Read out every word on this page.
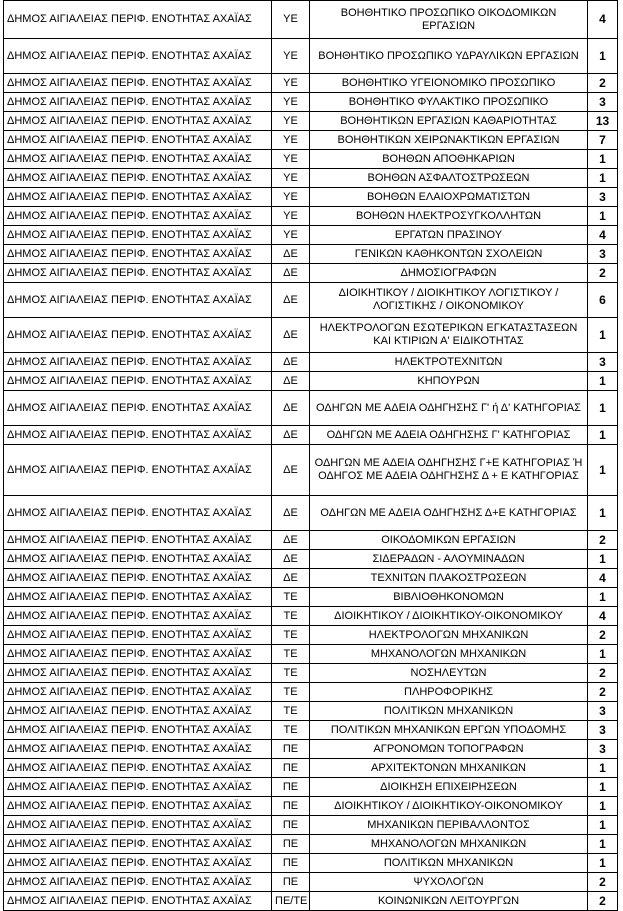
ΔΗΜΟΣ ΑΙΓΙΑΛΕΙΑΣ ΠΕΡΙΦ. ΕΝΟΤΗΤΑΣ ΑΧΑΪΑΣ	ΥΕ	ΒΟΗΘΗΤΙΚΟ ΠΡΟΣΩΠΙΚΟ ΟΙΚΟΔΟΜΙΚΩΝ ΕΡΓΑΣΙΩΝ	4
ΔΗΜΟΣ ΑΙΓΙΑΛΕΙΑΣ ΠΕΡΙΦ. ΕΝΟΤΗΤΑΣ ΑΧΑΪΑΣ	ΥΕ	ΒΟΗΘΗΤΙΚΟ ΠΡΟΣΩΠΙΚΟ ΥΔΡΑΥΛΙΚΩΝ ΕΡΓΑΣΙΩΝ	1
ΔΗΜΟΣ ΑΙΓΙΑΛΕΙΑΣ ΠΕΡΙΦ. ΕΝΟΤΗΤΑΣ ΑΧΑΪΑΣ	ΥΕ	ΒΟΗΘΗΤΙΚΟ ΥΓΕΙΟΝΟΜΙΚΟ ΠΡΟΣΩΠΙΚΟ	2
ΔΗΜΟΣ ΑΙΓΙΑΛΕΙΑΣ ΠΕΡΙΦ. ΕΝΟΤΗΤΑΣ ΑΧΑΪΑΣ	ΥΕ	ΒΟΗΘΗΤΙΚΟ ΦΥΛΑΚΤΙΚΟ ΠΡΟΣΩΠΙΚΟ	3
ΔΗΜΟΣ ΑΙΓΙΑΛΕΙΑΣ ΠΕΡΙΦ. ΕΝΟΤΗΤΑΣ ΑΧΑΪΑΣ	ΥΕ	ΒΟΗΘΗΤΙΚΩΝ ΕΡΓΑΣΙΩΝ ΚΑΘΑΡΙΟΤΗΤΑΣ	13
ΔΗΜΟΣ ΑΙΓΙΑΛΕΙΑΣ ΠΕΡΙΦ. ΕΝΟΤΗΤΑΣ ΑΧΑΪΑΣ	ΥΕ	ΒΟΗΘΗΤΙΚΩΝ ΧΕΙΡΩΝΑΚΤΙΚΩΝ ΕΡΓΑΣΙΩΝ	7
ΔΗΜΟΣ ΑΙΓΙΑΛΕΙΑΣ ΠΕΡΙΦ. ΕΝΟΤΗΤΑΣ ΑΧΑΪΑΣ	ΥΕ	ΒΟΗΘΩΝ ΑΠΟΘΗΚΑΡΙΩΝ	1
ΔΗΜΟΣ ΑΙΓΙΑΛΕΙΑΣ ΠΕΡΙΦ. ΕΝΟΤΗΤΑΣ ΑΧΑΪΑΣ	ΥΕ	ΒΟΗΘΩΝ ΑΣΦΑΛΤΟΣΤΡΩΣΕΩΝ	1
ΔΗΜΟΣ ΑΙΓΙΑΛΕΙΑΣ ΠΕΡΙΦ. ΕΝΟΤΗΤΑΣ ΑΧΑΪΑΣ	ΥΕ	ΒΟΗΘΩΝ ΕΛΑΙΟΧΡΩΜΑΤΙΣΤΩΝ	3
ΔΗΜΟΣ ΑΙΓΙΑΛΕΙΑΣ ΠΕΡΙΦ. ΕΝΟΤΗΤΑΣ ΑΧΑΪΑΣ	ΥΕ	ΒΟΗΘΩΝ ΗΛΕΚΤΡΟΣΥΓΚΟΛΛΗΤΩΝ	1
ΔΗΜΟΣ ΑΙΓΙΑΛΕΙΑΣ ΠΕΡΙΦ. ΕΝΟΤΗΤΑΣ ΑΧΑΪΑΣ	ΥΕ	ΕΡΓΑΤΩΝ ΠΡΑΣΙΝΟΥ	4
ΔΗΜΟΣ ΑΙΓΙΑΛΕΙΑΣ ΠΕΡΙΦ. ΕΝΟΤΗΤΑΣ ΑΧΑΪΑΣ	ΔΕ	ΓΕΝΙΚΩΝ ΚΑΘΗΚΟΝΤΩΝ ΣΧΟΛΕΙΩΝ	3
ΔΗΜΟΣ ΑΙΓΙΑΛΕΙΑΣ ΠΕΡΙΦ. ΕΝΟΤΗΤΑΣ ΑΧΑΪΑΣ	ΔΕ	ΔΗΜΟΣΙΟΓΡΑΦΩΝ	2
ΔΗΜΟΣ ΑΙΓΙΑΛΕΙΑΣ ΠΕΡΙΦ. ΕΝΟΤΗΤΑΣ ΑΧΑΪΑΣ	ΔΕ	ΔΙΟΙΚΗΤΙΚΟΥ / ΔΙΟΙΚΗΤΙΚΟΥ ΛΟΓΙΣΤΙΚΟΥ / ΛΟΓΙΣΤΙΚΗΣ / ΟΙΚΟΝΟΜΙΚΟΥ	6
ΔΗΜΟΣ ΑΙΓΙΑΛΕΙΑΣ ΠΕΡΙΦ. ΕΝΟΤΗΤΑΣ ΑΧΑΪΑΣ	ΔΕ	ΗΛΕΚΤΡΟΛΟΓΩΝ ΕΣΩΤΕΡΙΚΩΝ ΕΓΚΑΤΑΣΤΑΣΕΩΝ ΚΑΙ ΚΤΙΡΙΩΝ Α' ΕΙΔΙΚΟΤΗΤΑΣ	1
ΔΗΜΟΣ ΑΙΓΙΑΛΕΙΑΣ ΠΕΡΙΦ. ΕΝΟΤΗΤΑΣ ΑΧΑΪΑΣ	ΔΕ	ΗΛΕΚΤΡΟΤΕΧΝΙΤΩΝ	3
ΔΗΜΟΣ ΑΙΓΙΑΛΕΙΑΣ ΠΕΡΙΦ. ΕΝΟΤΗΤΑΣ ΑΧΑΪΑΣ	ΔΕ	ΚΗΠΟΥΡΩΝ	1
ΔΗΜΟΣ ΑΙΓΙΑΛΕΙΑΣ ΠΕΡΙΦ. ΕΝΟΤΗΤΑΣ ΑΧΑΪΑΣ	ΔΕ	ΟΔΗΓΩΝ ΜΕ ΑΔΕΙΑ ΟΔΗΓΗΣΗΣ Γ' ή Δ' ΚΑΤΗΓΟΡΙΑΣ	1
ΔΗΜΟΣ ΑΙΓΙΑΛΕΙΑΣ ΠΕΡΙΦ. ΕΝΟΤΗΤΑΣ ΑΧΑΪΑΣ	ΔΕ	ΟΔΗΓΩΝ ΜΕ ΑΔΕΙΑ ΟΔΗΓΗΣΗΣ Γ' ΚΑΤΗΓΟΡΙΑΣ	1
ΔΗΜΟΣ ΑΙΓΙΑΛΕΙΑΣ ΠΕΡΙΦ. ΕΝΟΤΗΤΑΣ ΑΧΑΪΑΣ	ΔΕ	ΟΔΗΓΩΝ ΜΕ ΑΔΕΙΑ ΟΔΗΓΗΣΗΣ Γ+Ε ΚΑΤΗΓΟΡΙΑΣ Ή ΟΔΗΓΟΣ ΜΕ ΑΔΕΙΑ ΟΔΗΓΗΣΗΣ Δ + Ε ΚΑΤΗΓΟΡΙΑΣ	1
ΔΗΜΟΣ ΑΙΓΙΑΛΕΙΑΣ ΠΕΡΙΦ. ΕΝΟΤΗΤΑΣ ΑΧΑΪΑΣ	ΔΕ	ΟΔΗΓΩΝ ΜΕ ΑΔΕΙΑ ΟΔΗΓΗΣΗΣ Δ+Ε ΚΑΤΗΓΟΡΙΑΣ	1
ΔΗΜΟΣ ΑΙΓΙΑΛΕΙΑΣ ΠΕΡΙΦ. ΕΝΟΤΗΤΑΣ ΑΧΑΪΑΣ	ΔΕ	ΟΙΚΟΔΟΜΙΚΩΝ ΕΡΓΑΣΙΩΝ	2
ΔΗΜΟΣ ΑΙΓΙΑΛΕΙΑΣ ΠΕΡΙΦ. ΕΝΟΤΗΤΑΣ ΑΧΑΪΑΣ	ΔΕ	ΣΙΔΕΡΑΔΩΝ - ΑΛΟΥΜΙΝΑΔΩΝ	1
ΔΗΜΟΣ ΑΙΓΙΑΛΕΙΑΣ ΠΕΡΙΦ. ΕΝΟΤΗΤΑΣ ΑΧΑΪΑΣ	ΔΕ	ΤΕΧΝΙΤΩΝ ΠΛΑΚΟΣΤΡΩΣΕΩΝ	4
ΔΗΜΟΣ ΑΙΓΙΑΛΕΙΑΣ ΠΕΡΙΦ. ΕΝΟΤΗΤΑΣ ΑΧΑΪΑΣ	ΤΕ	ΒΙΒΛΙΟΘΗΚΟΝΟΜΩΝ	1
ΔΗΜΟΣ ΑΙΓΙΑΛΕΙΑΣ ΠΕΡΙΦ. ΕΝΟΤΗΤΑΣ ΑΧΑΪΑΣ	ΤΕ	ΔΙΟΙΚΗΤΙΚΟΥ / ΔΙΟΙΚΗΤΙΚΟΥ-ΟΙΚΟΝΟΜΙΚΟΥ	4
ΔΗΜΟΣ ΑΙΓΙΑΛΕΙΑΣ ΠΕΡΙΦ. ΕΝΟΤΗΤΑΣ ΑΧΑΪΑΣ	ΤΕ	ΗΛΕΚΤΡΟΛΟΓΩΝ ΜΗΧΑΝΙΚΩΝ	2
ΔΗΜΟΣ ΑΙΓΙΑΛΕΙΑΣ ΠΕΡΙΦ. ΕΝΟΤΗΤΑΣ ΑΧΑΪΑΣ	ΤΕ	ΜΗΧΑΝΟΛΟΓΩΝ ΜΗΧΑΝΙΚΩΝ	1
ΔΗΜΟΣ ΑΙΓΙΑΛΕΙΑΣ ΠΕΡΙΦ. ΕΝΟΤΗΤΑΣ ΑΧΑΪΑΣ	ΤΕ	ΝΟΣΗΛΕΥΤΩΝ	2
ΔΗΜΟΣ ΑΙΓΙΑΛΕΙΑΣ ΠΕΡΙΦ. ΕΝΟΤΗΤΑΣ ΑΧΑΪΑΣ	ΤΕ	ΠΛΗΡΟΦΟΡΙΚΗΣ	2
ΔΗΜΟΣ ΑΙΓΙΑΛΕΙΑΣ ΠΕΡΙΦ. ΕΝΟΤΗΤΑΣ ΑΧΑΪΑΣ	ΤΕ	ΠΟΛΙΤΙΚΩΝ ΜΗΧΑΝΙΚΩΝ	3
ΔΗΜΟΣ ΑΙΓΙΑΛΕΙΑΣ ΠΕΡΙΦ. ΕΝΟΤΗΤΑΣ ΑΧΑΪΑΣ	ΤΕ	ΠΟΛΙΤΙΚΩΝ ΜΗΧΑΝΙΚΩΝ ΕΡΓΩΝ ΥΠΟΔΟΜΗΣ	3
ΔΗΜΟΣ ΑΙΓΙΑΛΕΙΑΣ ΠΕΡΙΦ. ΕΝΟΤΗΤΑΣ ΑΧΑΪΑΣ	ΠΕ	ΑΓΡΟΝΟΜΩΝ ΤΟΠΟΓΡΑΦΩΝ	3
ΔΗΜΟΣ ΑΙΓΙΑΛΕΙΑΣ ΠΕΡΙΦ. ΕΝΟΤΗΤΑΣ ΑΧΑΪΑΣ	ΠΕ	ΑΡΧΙΤΕΚΤΟΝΩΝ ΜΗΧΑΝΙΚΩΝ	1
ΔΗΜΟΣ ΑΙΓΙΑΛΕΙΑΣ ΠΕΡΙΦ. ΕΝΟΤΗΤΑΣ ΑΧΑΪΑΣ	ΠΕ	ΔΙΟΙΚΗΣΗ ΕΠΙΧΕΙΡΗΣΕΩΝ	1
ΔΗΜΟΣ ΑΙΓΙΑΛΕΙΑΣ ΠΕΡΙΦ. ΕΝΟΤΗΤΑΣ ΑΧΑΪΑΣ	ΠΕ	ΔΙΟΙΚΗΤΙΚΟΥ / ΔΙΟΙΚΗΤΙΚΟΥ-ΟΙΚΟΝΟΜΙΚΟΥ	1
ΔΗΜΟΣ ΑΙΓΙΑΛΕΙΑΣ ΠΕΡΙΦ. ΕΝΟΤΗΤΑΣ ΑΧΑΪΑΣ	ΠΕ	ΜΗΧΑΝΙΚΩΝ ΠΕΡΙΒΑΛΛΟΝΤΟΣ	1
ΔΗΜΟΣ ΑΙΓΙΑΛΕΙΑΣ ΠΕΡΙΦ. ΕΝΟΤΗΤΑΣ ΑΧΑΪΑΣ	ΠΕ	ΜΗΧΑΝΟΛΟΓΩΝ ΜΗΧΑΝΙΚΩΝ	1
ΔΗΜΟΣ ΑΙΓΙΑΛΕΙΑΣ ΠΕΡΙΦ. ΕΝΟΤΗΤΑΣ ΑΧΑΪΑΣ	ΠΕ	ΠΟΛΙΤΙΚΩΝ ΜΗΧΑΝΙΚΩΝ	1
ΔΗΜΟΣ ΑΙΓΙΑΛΕΙΑΣ ΠΕΡΙΦ. ΕΝΟΤΗΤΑΣ ΑΧΑΪΑΣ	ΠΕ	ΨΥΧΟΛΟΓΩΝ	2
ΔΗΜΟΣ ΑΙΓΙΑΛΕΙΑΣ ΠΕΡΙΦ. ΕΝΟΤΗΤΑΣ ΑΧΑΪΑΣ	ΠΕ/ΤΕ	ΚΟΙΝΩΝΙΚΩΝ ΛΕΙΤΟΥΡΓΩΝ	2
